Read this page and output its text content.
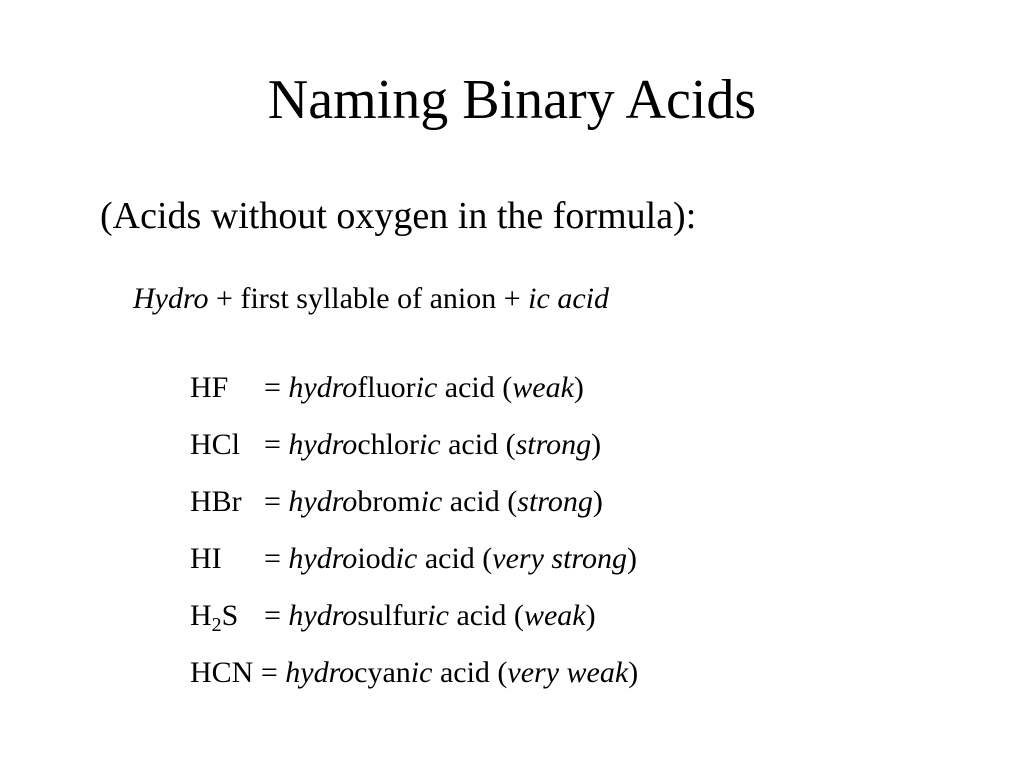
Naming Binary Acids
(Acids without oxygen in the formula):
Hydro + first syllable of anion + ic acid
HF = hydrofluoric acid (weak)
HCl = hydrochloric acid (strong)
HBr = hydrobromic acid (strong)
HI = hydroiodic acid (very strong)
$H_2S$ = hydrosulfuric acid (weak)
HCN = hydrocyanic acid (very weak)
